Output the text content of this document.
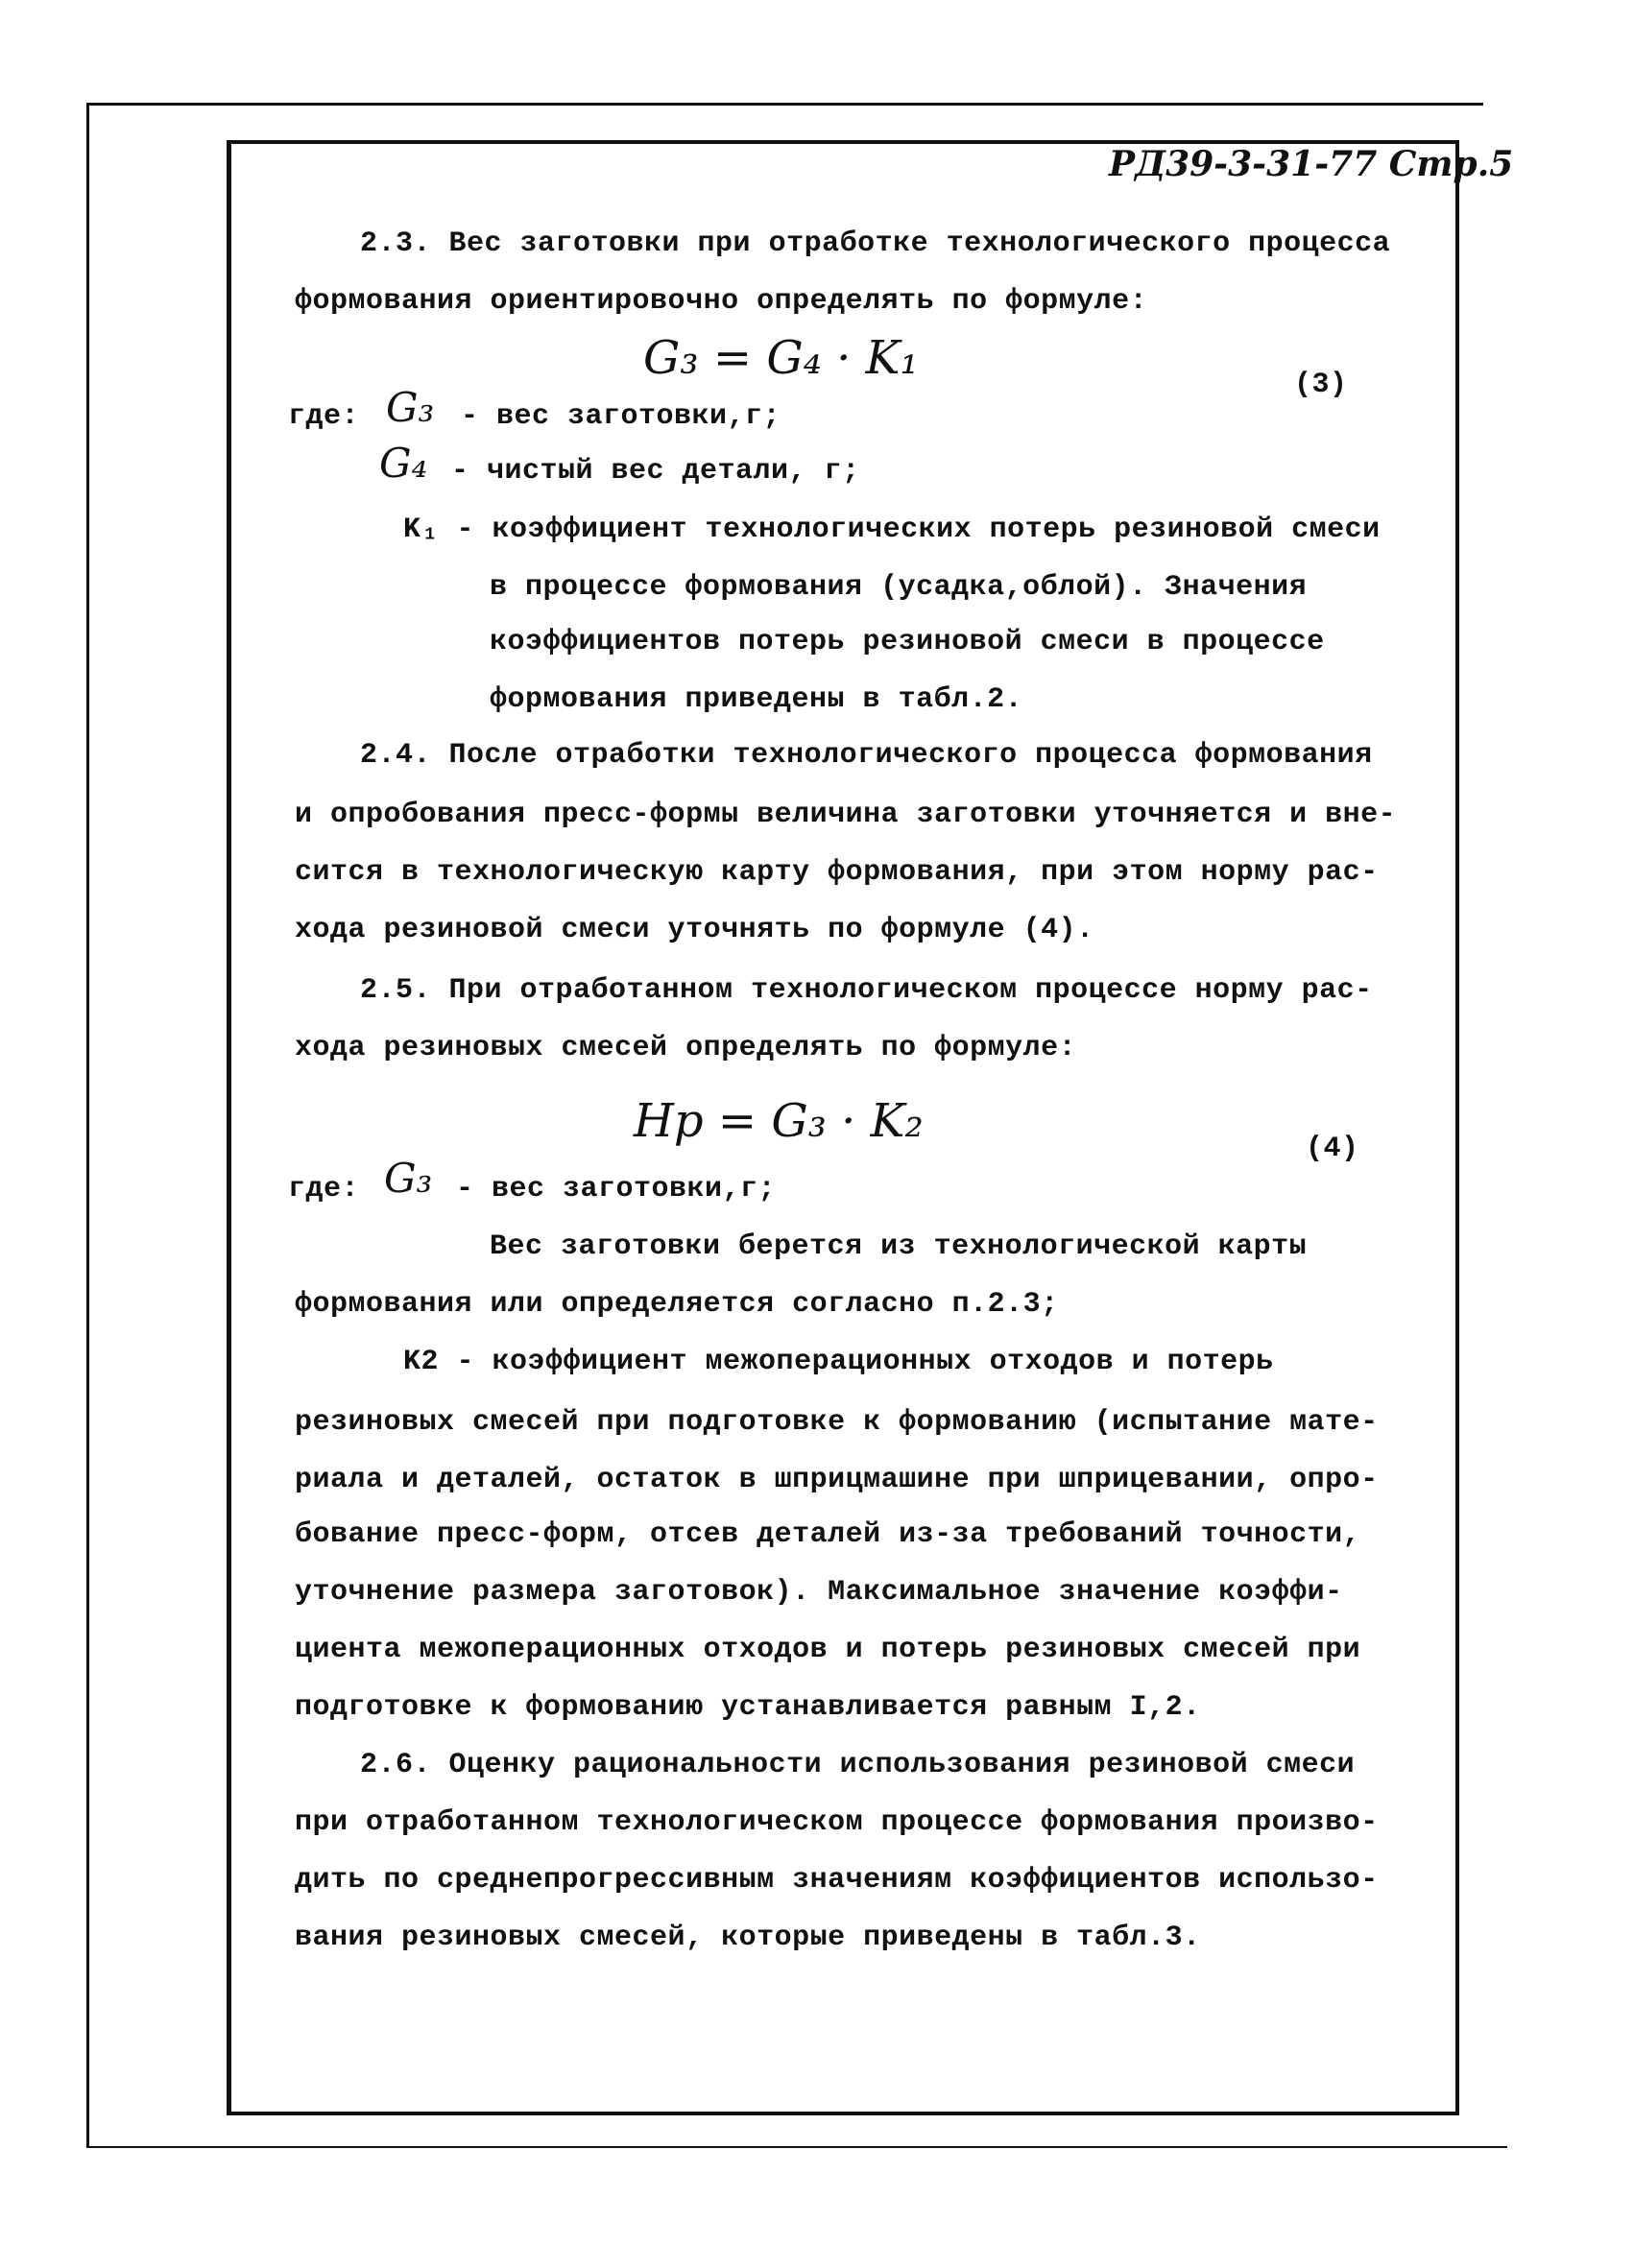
РД39-3-31-77 Стр.5
G₃ = G₄ · K₁	(3)
Hp = G₃ · K₂
(4)
2.3. Вес заготовки при отработке технологического процесса
формования ориентировочно определять по формуле:
где: G₃ - вес заготовки,г;
G₄ - чистый вес детали, г;
K₁ - коэффициент технологических потерь резиновой смеси
в процессе формования (усадка,облой). Значения
коэффициентов потерь резиновой смеси в процессе
формования приведены в табл.2.
2.4. После отработки технологического процесса формования
и опробования пресс-формы величина заготовки уточняется и вне-
сится в технологическую карту формования, при этом норму рас-
хода резиновой смеси уточнять по формуле (4).
2.5. При отработанном технологическом процессе норму рас-
хода резиновых смесей определять по формуле:
где: G₃ - вес заготовки,г;
Вес заготовки берется из технологической карты
формования или определяется согласно п.2.3;
K2 - коэффициент межоперационных отходов и потерь
резиновых смесей при подготовке к формованию (испытание мате-
риала и деталей, остаток в шприцмашине при шприцевании, опро-
бование пресс-форм, отсев деталей из-за требований точности,
уточнение размера заготовок). Максимальное значение коэффи-
циента межоперационных отходов и потерь резиновых смесей при
подготовке к формованию устанавливается равным I,2.
2.6. Оценку рациональности использования резиновой смеси
при отработанном технологическом процессе формования произво-
дить по среднепрогрессивным значениям коэффициентов использо-
вания резиновых смесей, которые приведены в табл.3.
